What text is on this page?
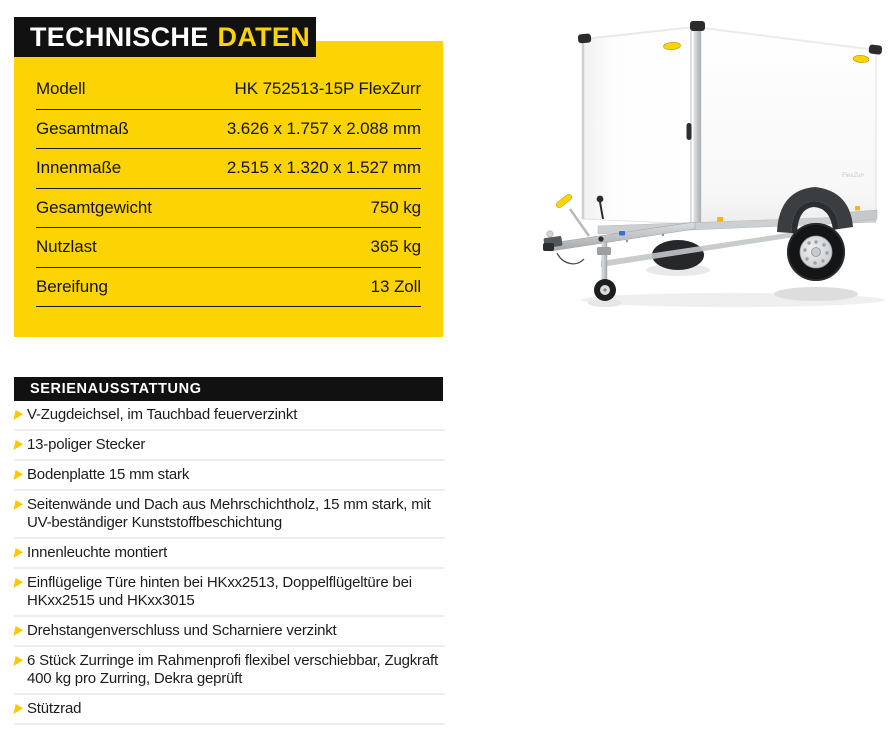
TECHNISCHE DATEN
Modell	HK 752513-15P FlexZurr
Gesamtmaß	3.626 x 1.757 x 2.088 mm
Innenmaße	2.515 x 1.320 x 1.527 mm
Gesamtgewicht	750 kg
Nutzlast	365 kg
Bereifung	13 Zoll
SERIENAUSSTATTUNG
V-Zugdeichsel, im Tauchbad feuerverzinkt
13-poliger Stecker
Bodenplatte 15 mm stark
Seitenwände und Dach aus Mehrschichtholz, 15 mm stark, mit UV-beständiger Kunststoffbeschichtung
Innenleuchte montiert
Einflügelige Türe hinten bei HKxx2513, Doppelflügeltüre bei HKxx2515 und HKxx3015
Drehstangenverschluss und Scharniere verzinkt
6 Stück Zurringe im Rahmenprofi flexibel verschiebbar, Zugkraft 400 kg pro Zurring, Dekra geprüft
Stützrad
FlexZurr
